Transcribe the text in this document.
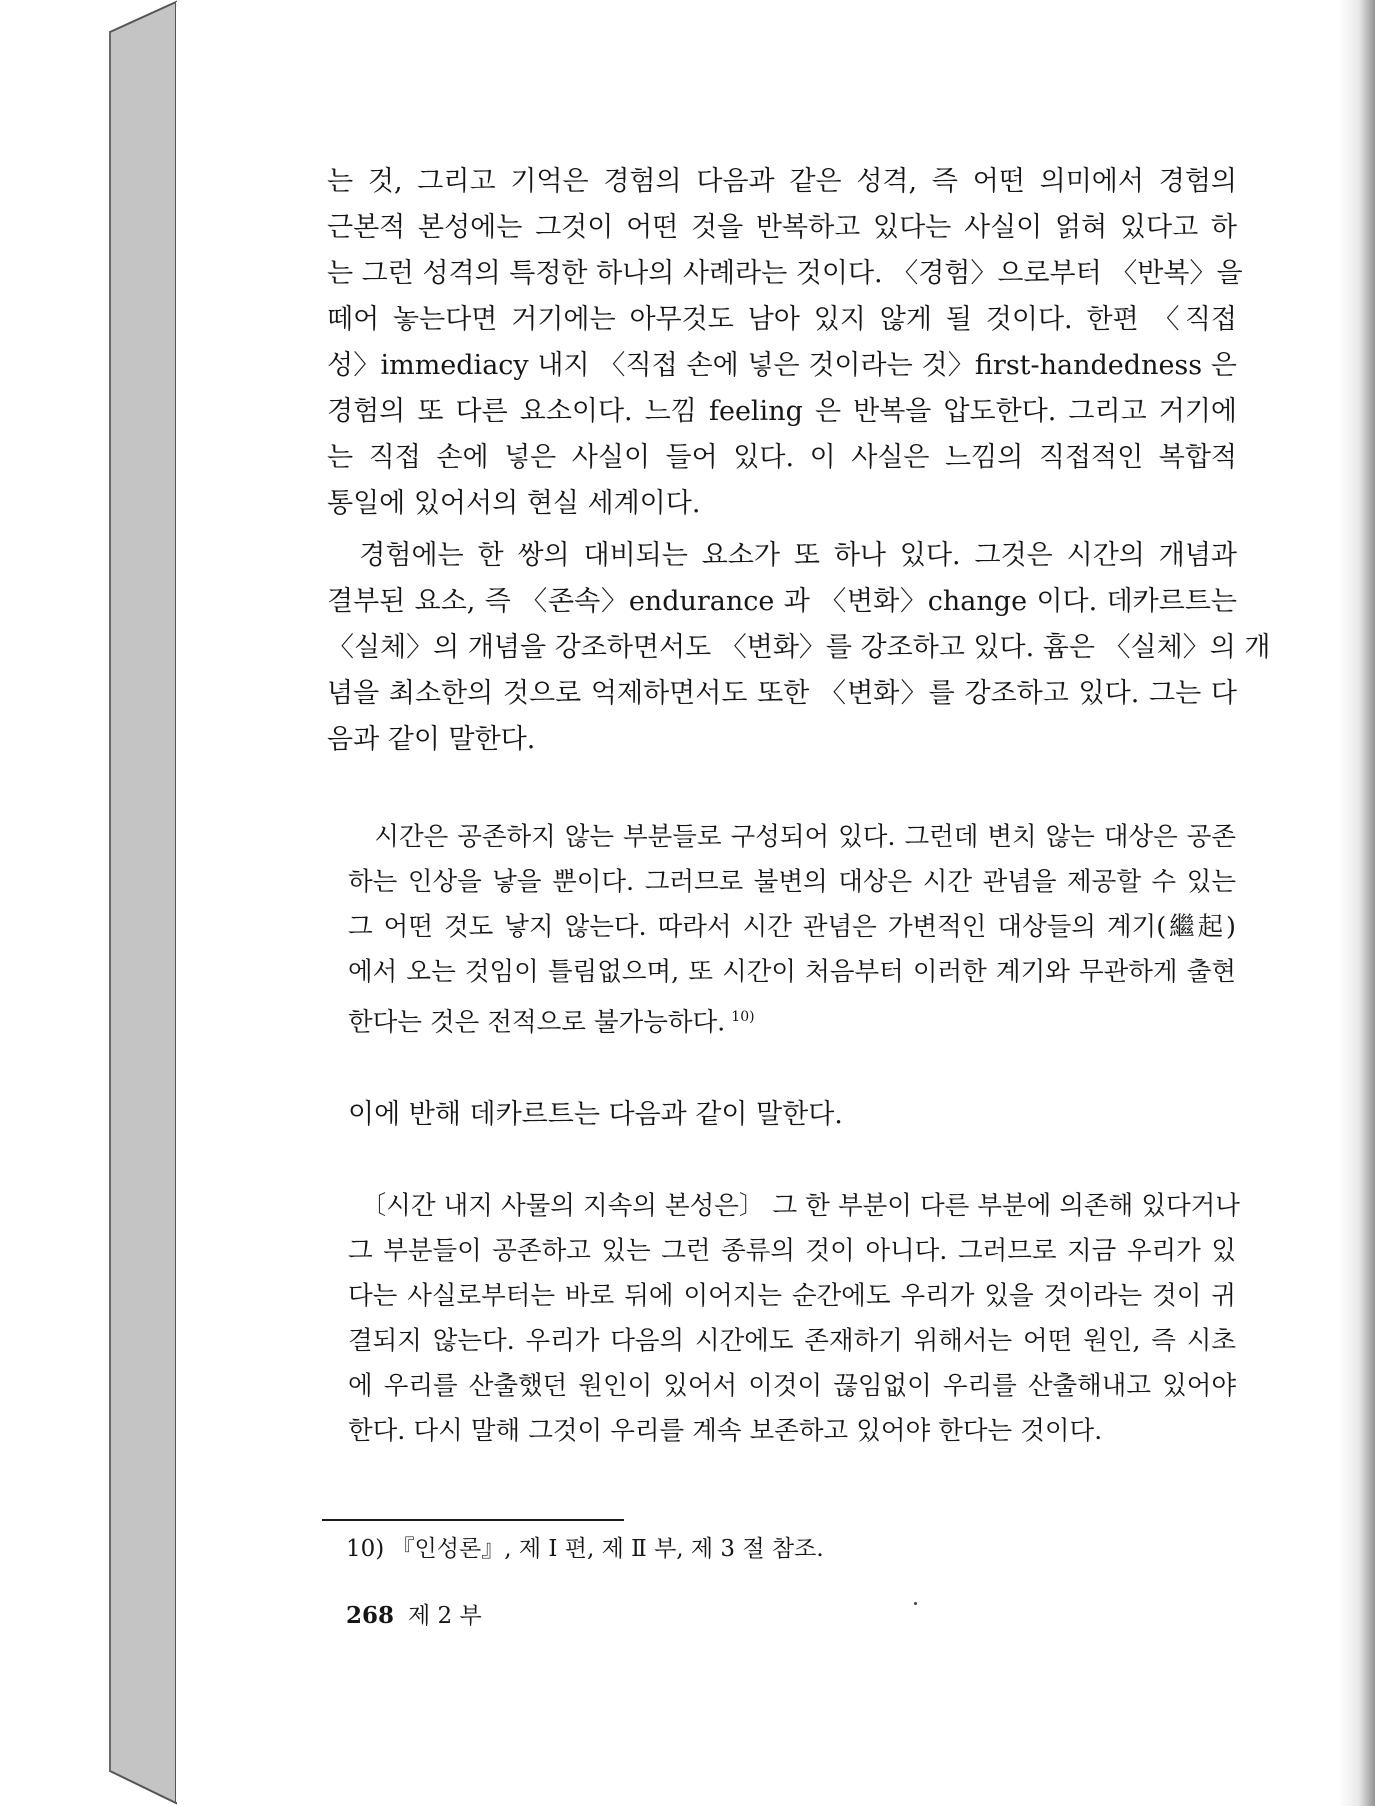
는 것, 그리고 기억은 경험의 다음과 같은 성격, 즉 어떤 의미에서 경험의
근본적 본성에는 그것이 어떤 것을 반복하고 있다는 사실이 얽혀 있다고 하
는 그런 성격의 특정한 하나의 사례라는 것이다. 〈경험〉으로부터 〈반복〉을
떼어 놓는다면 거기에는 아무것도 남아 있지 않게 될 것이다. 한편 〈직접
성〉immediacy 내지 〈직접 손에 넣은 것이라는 것〉first-handedness 은
경험의 또 다른 요소이다. 느낌 feeling 은 반복을 압도한다. 그리고 거기에
는 직접 손에 넣은 사실이 들어 있다. 이 사실은 느낌의 직접적인 복합적
통일에 있어서의 현실 세계이다.
　경험에는 한 쌍의 대비되는 요소가 또 하나 있다. 그것은 시간의 개념과
결부된 요소, 즉 〈존속〉endurance 과 〈변화〉change 이다. 데카르트는
〈실체〉의 개념을 강조하면서도 〈변화〉를 강조하고 있다. 흄은 〈실체〉의 개
념을 최소한의 것으로 억제하면서도 또한 〈변화〉를 강조하고 있다. 그는 다
음과 같이 말한다.
　시간은 공존하지 않는 부분들로 구성되어 있다. 그런데 변치 않는 대상은 공존
하는 인상을 낳을 뿐이다. 그러므로 불변의 대상은 시간 관념을 제공할 수 있는
그 어떤 것도 낳지 않는다. 따라서 시간 관념은 가변적인 대상들의 계기(繼起)
에서 오는 것임이 틀림없으며, 또 시간이 처음부터 이러한 계기와 무관하게 출현
한다는 것은 전적으로 불가능하다. $^{10)}$
이에 반해 데카르트는 다음과 같이 말한다.
　〔시간 내지 사물의 지속의 본성은〕 그 한 부분이 다른 부분에 의존해 있다거나
그 부분들이 공존하고 있는 그런 종류의 것이 아니다. 그러므로 지금 우리가 있
다는 사실로부터는 바로 뒤에 이어지는 순간에도 우리가 있을 것이라는 것이 귀
결되지 않는다. 우리가 다음의 시간에도 존재하기 위해서는 어떤 원인, 즉 시초
에 우리를 산출했던 원인이 있어서 이것이 끊임없이 우리를 산출해내고 있어야
한다. 다시 말해 그것이 우리를 계속 보존하고 있어야 한다는 것이다.
10) 『인성론』, 제 Ⅰ 편, 제 Ⅱ 부, 제 3 절 참조.
268 제 2 부
